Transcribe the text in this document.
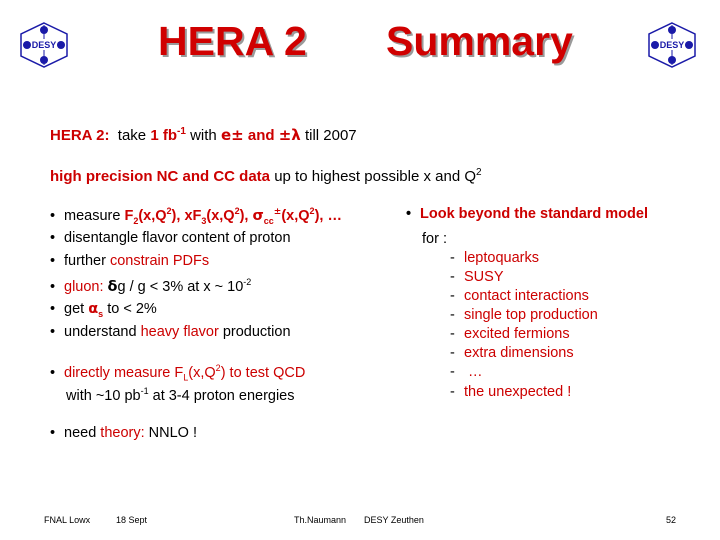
DESY	DESY
HERA 2 Summary
HERA 2: take 1 $fb^{-1}$ with e± and ±λ till 2007
high precision NC and CC data up to highest possible x and $Q^2$
• measure $F_2(x,Q^2)$, $xF_3(x,Q^2)$, $\sigma_{cc}^\pm(x,Q^2)$, …
• disentangle flavor content of proton
• further constrain PDFs
• gluon: δg / g < 3% at x ~ $10^{-2}$
• get $\alpha_s$ to < 2%
• understand heavy flavor production
• directly measure $F_L(x,Q^2)$ to test QCD
with ~10 $pb^{-1}$ at 3-4 proton energies
• need theory: NNLO !
• Look beyond the standard model
for :
- leptoquarks
- SUSY
- contact interactions
- single top production
- excited fermions
- extra dimensions
- …
- the unexpected !
FNAL Lowx	18 Sept	Th.Naumann DESY Zeuthen	52
